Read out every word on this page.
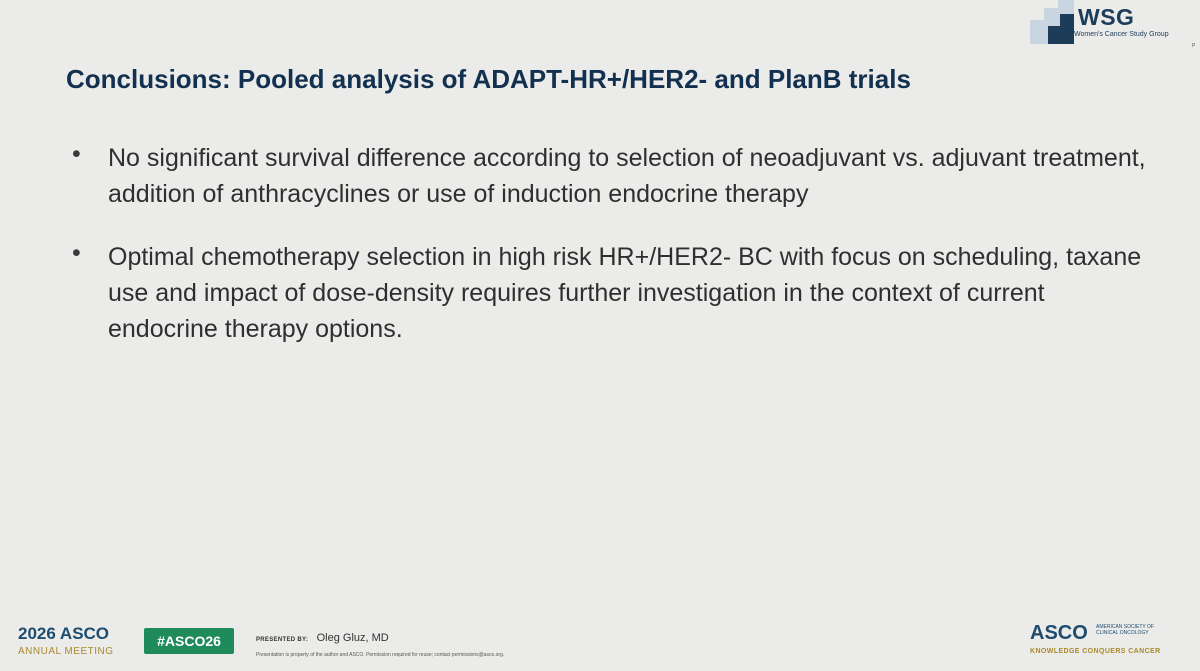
WSG
Women's Cancer Study Group
P
Conclusions: Pooled analysis of ADAPT-HR+/HER2- and PlanB trials
• No significant survival difference according to selection of neoadjuvant vs. adjuvant treatment, addition of anthracyclines or use of induction endocrine therapy
• Optimal chemotherapy selection in high risk HR+/HER2- BC with focus on scheduling, taxane use and impact of dose-density requires further investigation in the context of current endocrine therapy options.
2026 ASCO
ANNUAL MEETING
#ASCO26	PRESENTED BY: Oleg Gluz, MD
Presentation is property of the author and ASCO. Permission required for reuse; contact permissions@asco.org.
ASCO AMERICAN SOCIETY OF CLINICAL ONCOLOGY
KNOWLEDGE CONQUERS CANCER
